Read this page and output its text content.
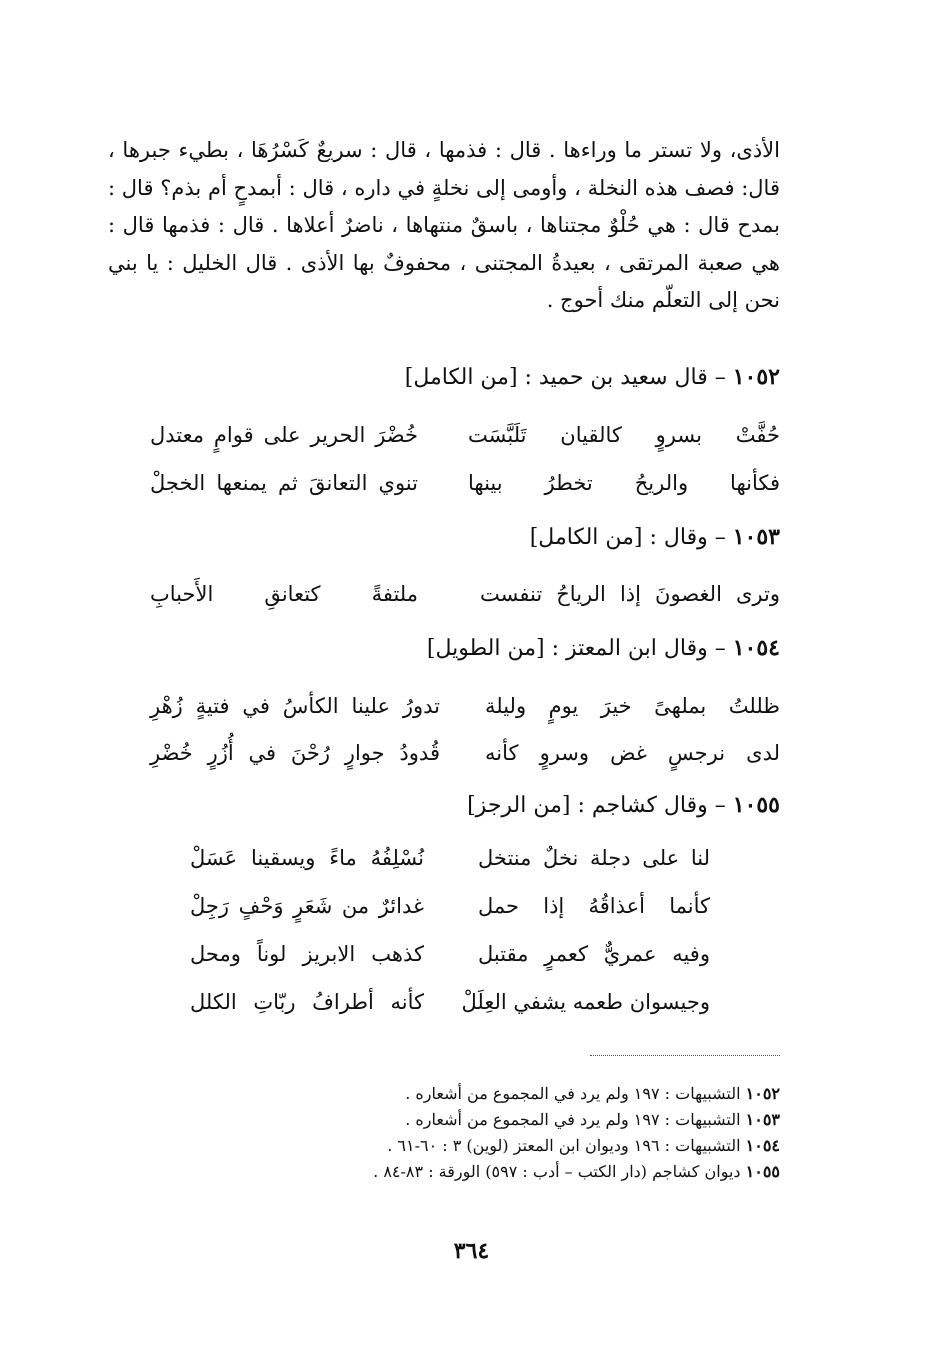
الأذى، ولا تستر ما وراءها . قال : فذمها ، قال : سريعٌ كَسْرُهَا ، بطيء جبرها ، قال: فصف هذه النخلة ، وأومى إلى نخلةٍ في داره ، قال : أبمدحٍ أم بذم؟ قال : بمدح قال : هي حُلْوٌ مجتناها ، باسقٌ منتهاها ، ناضرٌ أعلاها . قال : فذمها قال : هي صعبة المرتقى ، بعيدةُ المجتنى ، محفوفٌ بها الأذى . قال الخليل : يا بني نحن إلى التعلّم منك أحوج .

١٠٥٢ – قال سعيد بن حميد : [من الكامل]
حُفَّتْ بسروٍ كالقيان تَلَبَّسَت
خُضْرَ الحرير على قوامٍ معتدل
فكأنها والريحُ تخطرُ بينها
تنوي التعانقَ ثم يمنعها الخجلْ
١٠٥٣ – وقال : [من الكامل]
وترى الغصونَ إذا الرياحُ تنفست
ملتفةً كتعانقِ الأَحبابِ
١٠٥٤ – وقال ابن المعتز : [من الطويل]
ظللتُ بملهىً خيرَ يومٍ وليلة
تدورُ علينا الكأسُ في فتيةٍ زُهْرِ
لدى نرجسٍ غض وسروٍ كأنه
قُدودُ جوارٍ رُحْنَ في أُزُرٍ خُضْرِ
١٠٥٥ – وقال كشاجم : [من الرجز]
لنا على دجلة نخلٌ منتخل
نُسْلِفُهُ ماءً ويسقينا عَسَلْ
كأنما أعذاقُهُ إذا حمل
غدائرٌ من شَعَرٍ وَحْفٍ رَجِلْ
وفيه عمريٌّ كعمرٍ مقتبل
كذهب الابريز لوناً ومحل
وجيسوان طعمه يشفي العِلَلْ
كأنه أطرافُ ربّاتِ الكلل
١٠٥٢ التشبيهات : ١٩٧ ولم يرد في المجموع من أشعاره .
١٠٥٣ التشبيهات : ١٩٧ ولم يرد في المجموع من أشعاره .
١٠٥٤ التشبيهات : ١٩٦ وديوان ابن المعتز (لوين) ٣ : ٦٠-٦١ .
١٠٥٥ ديوان كشاجم (دار الكتب – أدب : ٥٩٧) الورقة : ٨٣-٨٤ .
٣٦٤
